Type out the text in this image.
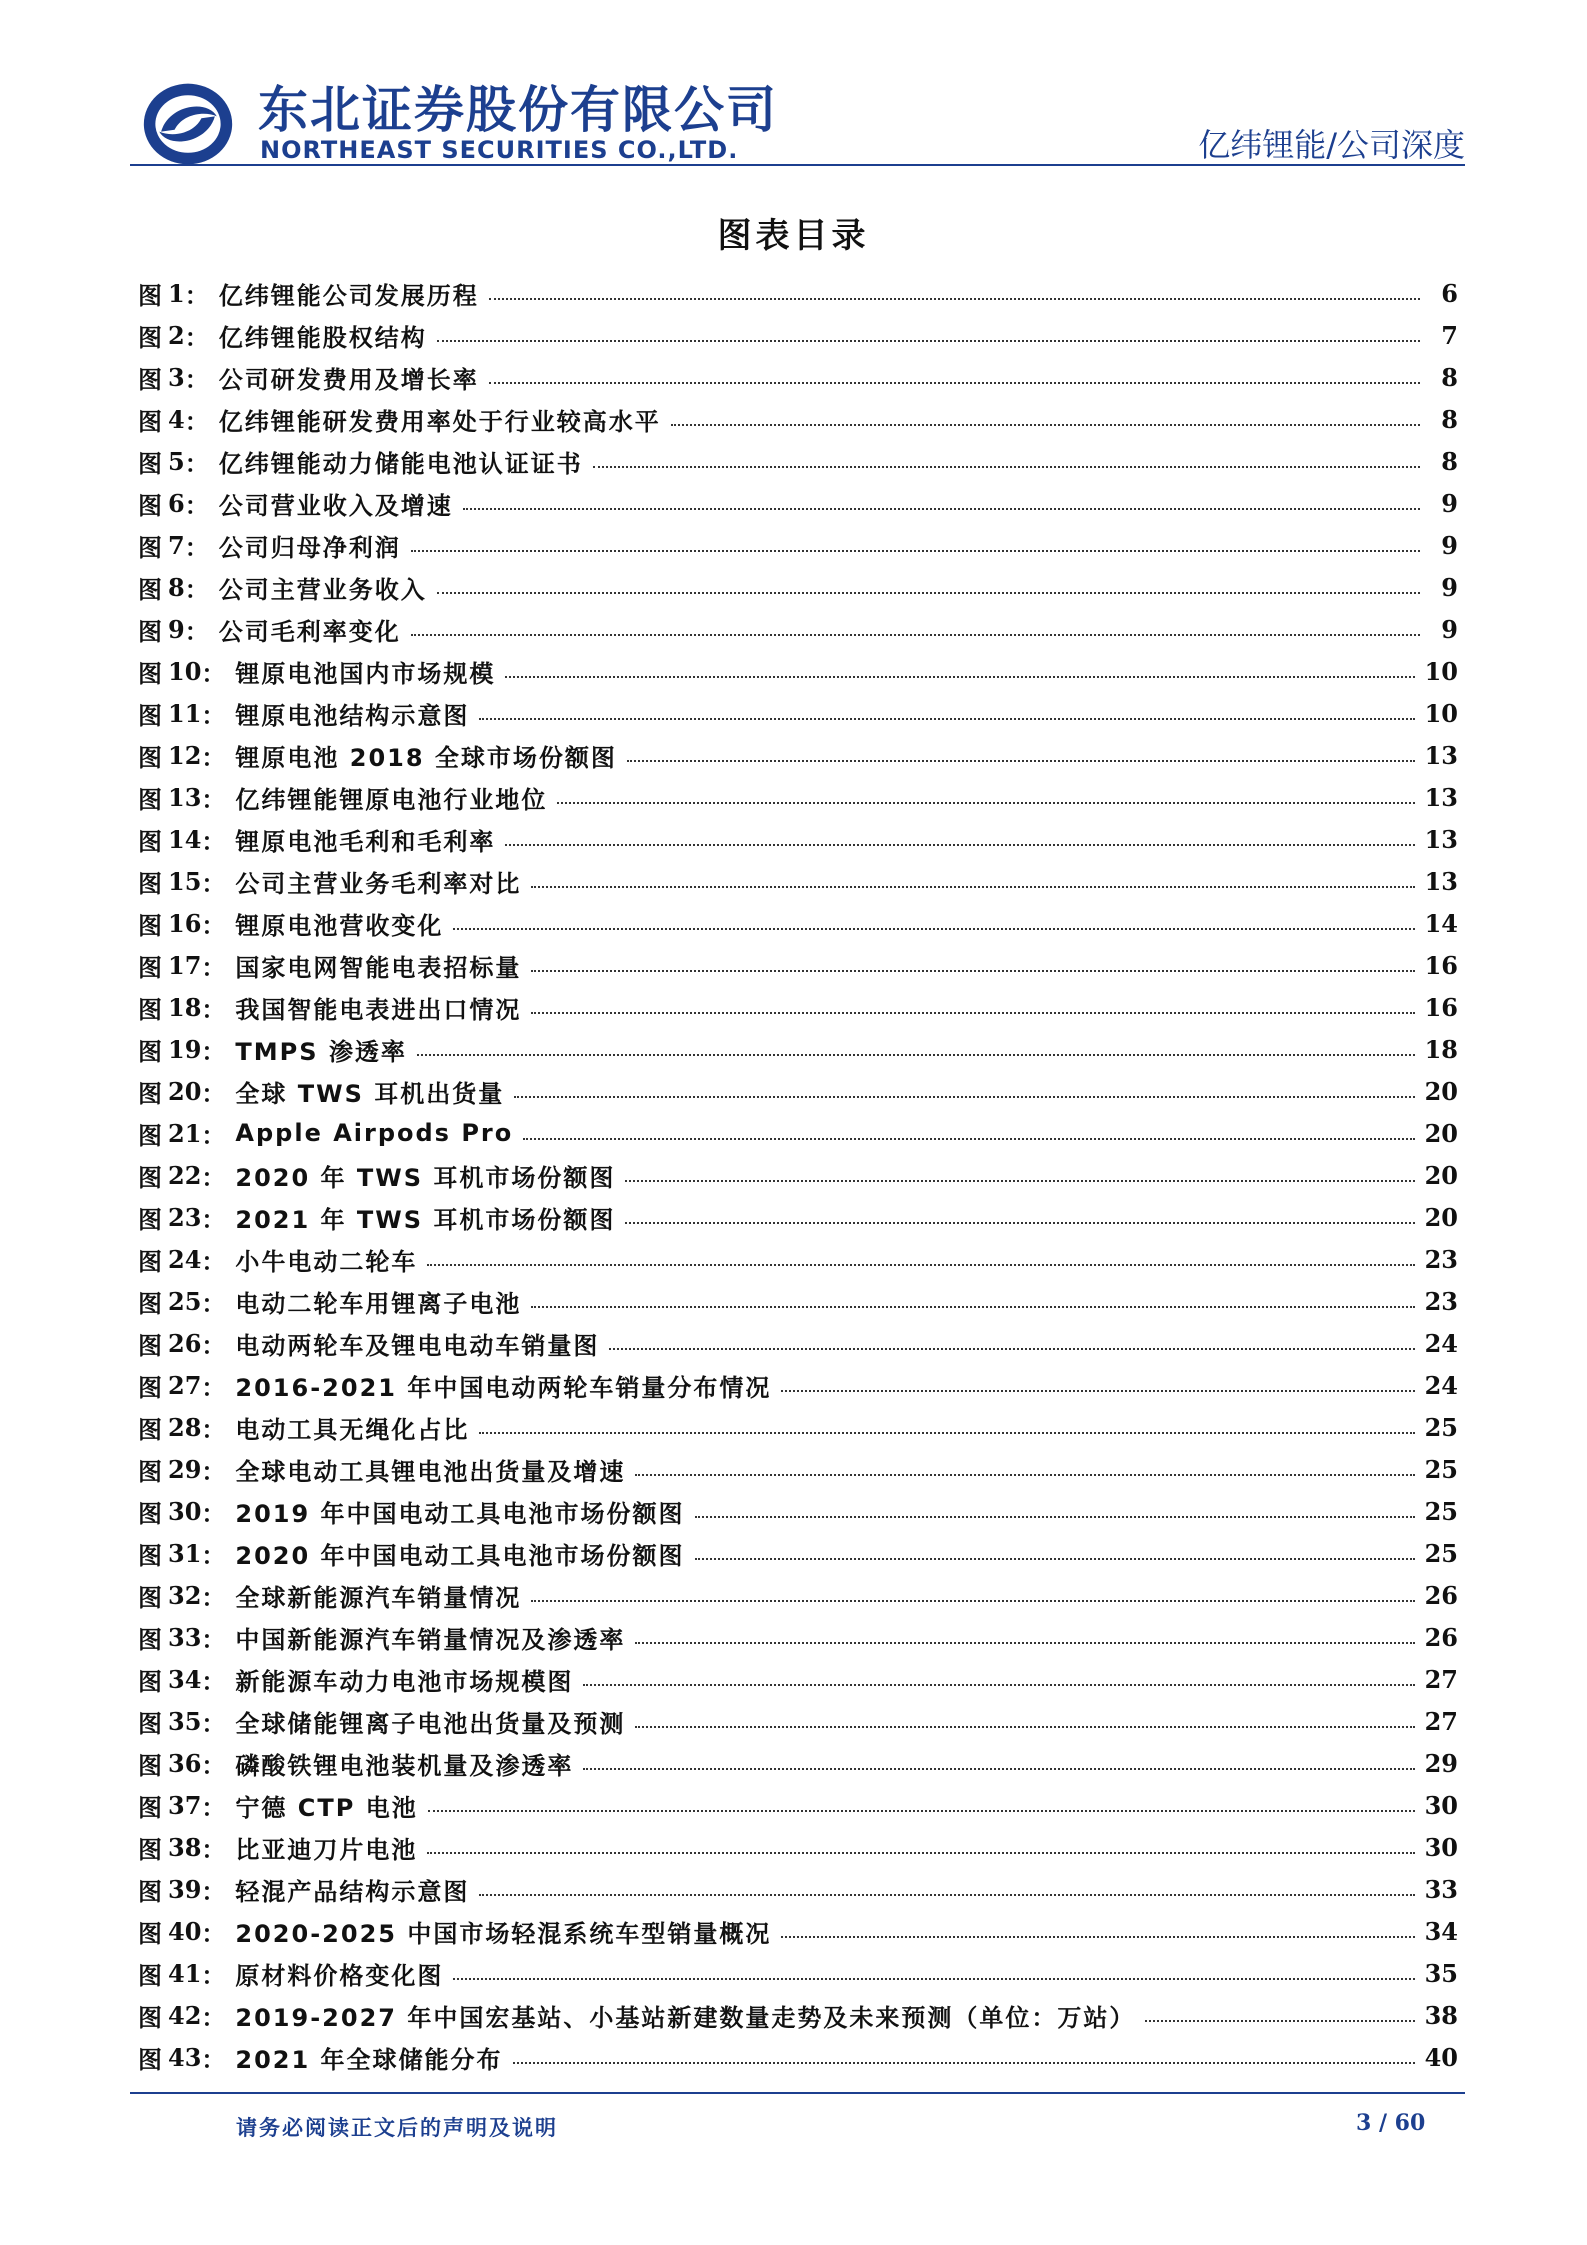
东北证券股份有限公司
NORTHEAST SECURITIES CO.,LTD.	亿纬锂能/公司深度
图表目录
图 1 ： 亿纬锂能公司发展历程	6
图 2 ： 亿纬锂能股权结构	7
图 3 ： 公司研发费用及增长率	8
图 4 ： 亿纬锂能研发费用率处于行业较高水平	8
图 5 ： 亿纬锂能动力储能电池认证证书	8
图 6 ： 公司营业收入及增速	9
图 7 ： 公司归母净利润	9
图 8 ： 公司主营业务收入	9
图 9 ： 公司毛利率变化	9
图 10 ： 锂原电池国内市场规模	10
图 11 ： 锂原电池结构示意图	10
图 12 ： 锂原电池 2018 全球市场份额图	13
图 13 ： 亿纬锂能锂原电池行业地位	13
图 14 ： 锂原电池毛利和毛利率	13
图 15 ： 公司主营业务毛利率对比	13
图 16 ： 锂原电池营收变化	14
图 17 ： 国家电网智能电表招标量	16
图 18 ： 我国智能电表进出口情况	16
图 19 ： TMPS 渗透率	18
图 20 ： 全球 TWS 耳机出货量	20
图 21 ： Apple Airpods Pro	20
图 22 ： 2020 年 TWS 耳机市场份额图	20
图 23 ： 2021 年 TWS 耳机市场份额图	20
图 24 ： 小牛电动二轮车	23
图 25 ： 电动二轮车用锂离子电池	23
图 26 ： 电动两轮车及锂电电动车销量图	24
图 27 ： 2016-2021 年中国电动两轮车销量分布情况	24
图 28 ： 电动工具无绳化占比	25
图 29 ： 全球电动工具锂电池出货量及增速	25
图 30 ： 2019 年中国电动工具电池市场份额图	25
图 31 ： 2020 年中国电动工具电池市场份额图	25
图 32 ： 全球新能源汽车销量情况	26
图 33 ： 中国新能源汽车销量情况及渗透率	26
图 34 ： 新能源车动力电池市场规模图	27
图 35 ： 全球储能锂离子电池出货量及预测	27
图 36 ： 磷酸铁锂电池装机量及渗透率	29
图 37 ： 宁德 CTP 电池	30
图 38 ： 比亚迪刀片电池	30
图 39 ： 轻混产品结构示意图	33
图 40 ： 2020-2025 中国市场轻混系统车型销量概况	34
图 41 ： 原材料价格变化图	35
图 42 ： 2019-2027 年中国宏基站、小基站新建数量走势及未来预测（单位：万站）	38
图 43 ： 2021 年全球储能分布	40
请务必阅读正文后的声明及说明	3 / 60
